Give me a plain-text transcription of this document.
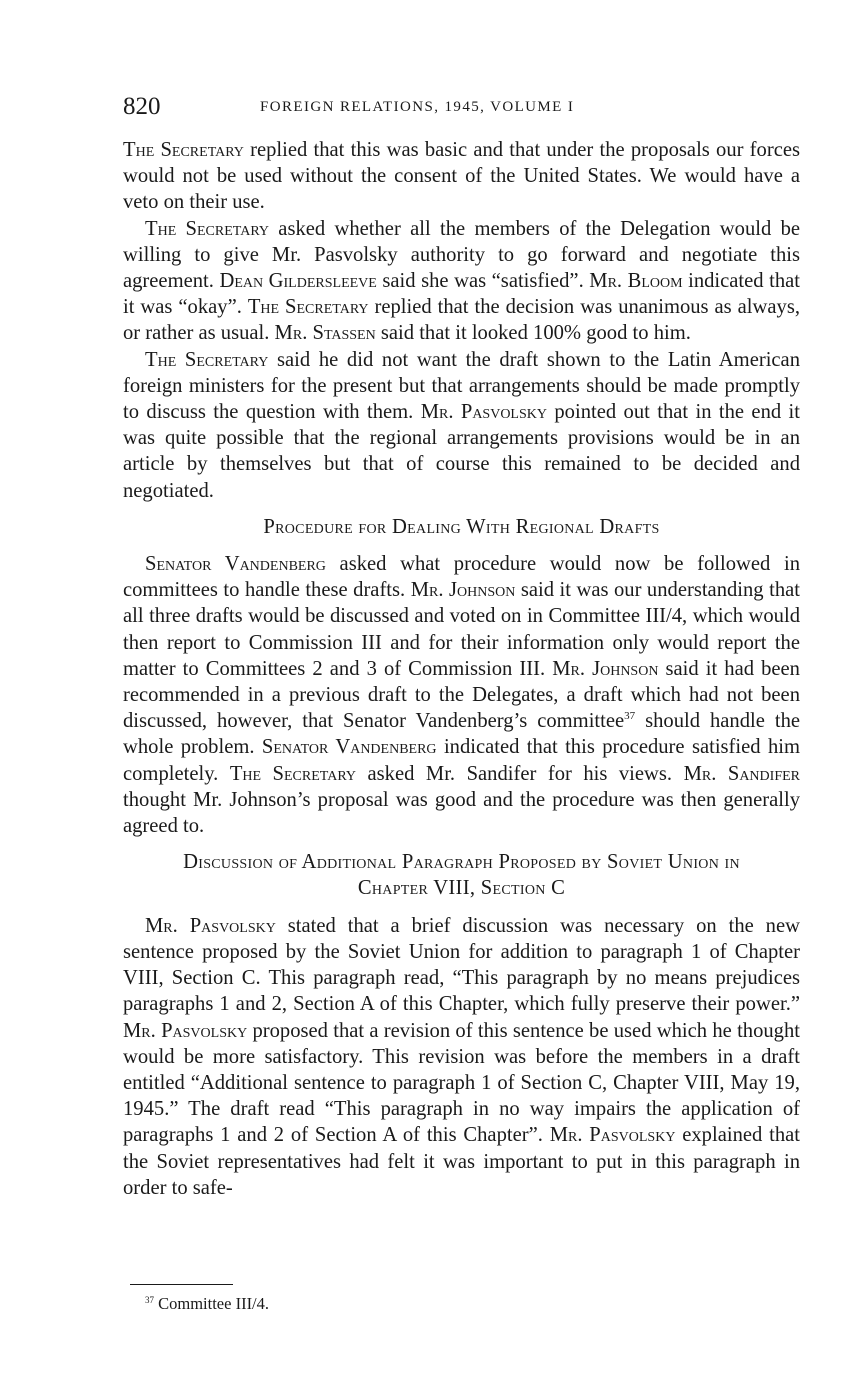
820	FOREIGN RELATIONS, 1945, VOLUME I

The Secretary replied that this was basic and that under the proposals our forces would not be used without the consent of the United States. We would have a veto on their use.

The Secretary asked whether all the members of the Delegation would be willing to give Mr. Pasvolsky authority to go forward and negotiate this agreement. Dean Gildersleeve said she was “satisfied”. Mr. Bloom indicated that it was “okay”. The Secretary replied that the decision was unanimous as always, or rather as usual. Mr. Stassen said that it looked 100% good to him.

The Secretary said he did not want the draft shown to the Latin American foreign ministers for the present but that arrangements should be made promptly to discuss the question with them. Mr. Pasvolsky pointed out that in the end it was quite possible that the regional arrangements provisions would be in an article by themselves but that of course this remained to be decided and negotiated.

Procedure for Dealing With Regional Drafts

Senator Vandenberg asked what procedure would now be followed in committees to handle these drafts. Mr. Johnson said it was our understanding that all three drafts would be discussed and voted on in Committee III/4, which would then report to Commission III and for their information only would report the matter to Committees 2 and 3 of Commission III. Mr. Johnson said it had been recommended in a previous draft to the Delegates, a draft which had not been discussed, however, that Senator Vandenberg’s committee$^{37}$ should handle the whole problem. Senator Vandenberg indicated that this procedure satisfied him completely. The Secretary asked Mr. Sandifer for his views. Mr. Sandifer thought Mr. Johnson’s proposal was good and the procedure was then generally agreed to.

Discussion of Additional Paragraph Proposed by Soviet Union in
Chapter VIII, Section C

Mr. Pasvolsky stated that a brief discussion was necessary on the new sentence proposed by the Soviet Union for addition to paragraph 1 of Chapter VIII, Section C. This paragraph read, “This paragraph by no means prejudices paragraphs 1 and 2, Section A of this Chapter, which fully preserve their power.” Mr. Pasvolsky proposed that a revision of this sentence be used which he thought would be more satisfactory. This revision was before the members in a draft entitled “Additional sentence to paragraph 1 of Section C, Chapter VIII, May 19, 1945.” The draft read “This paragraph in no way impairs the application of paragraphs 1 and 2 of Section A of this Chapter”. Mr. Pasvolsky explained that the Soviet representatives had felt it was important to put in this paragraph in order to safe-

$^{37}$ Committee III/4.
